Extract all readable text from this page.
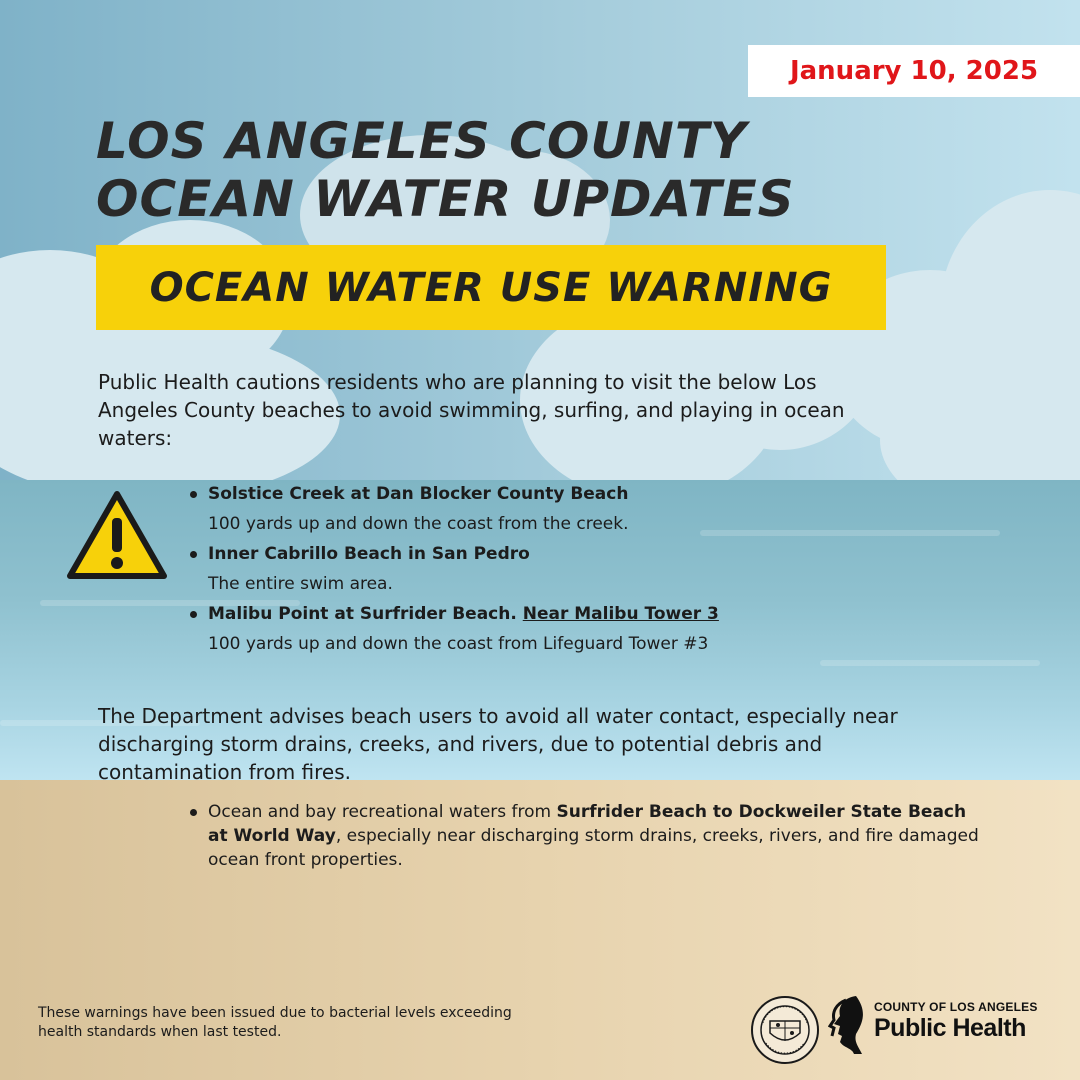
January 10, 2025
LOS ANGELES COUNTY
OCEAN WATER UPDATES
OCEAN WATER USE WARNING

Public Health cautions residents who are planning to visit the below Los Angeles County beaches to avoid swimming, surfing, and playing in ocean waters:

Solstice Creek at Dan Blocker County Beach
100 yards up and down the coast from the creek.
Inner Cabrillo Beach in San Pedro
The entire swim area.
Malibu Point at Surfrider Beach. Near Malibu Tower 3
100 yards up and down the coast from Lifeguard Tower #3

The Department advises beach users to avoid all water contact, especially near discharging storm drains, creeks, and rivers, due to potential debris and contamination from fires.

Ocean and bay recreational waters from Surfrider Beach to Dockweiler State Beach at World Way, especially near discharging storm drains, creeks, rivers, and fire damaged ocean front properties.

These warnings have been issued due to bacterial levels exceeding health standards when last tested.

COUNTY OF LOS ANGELES
Public Health
